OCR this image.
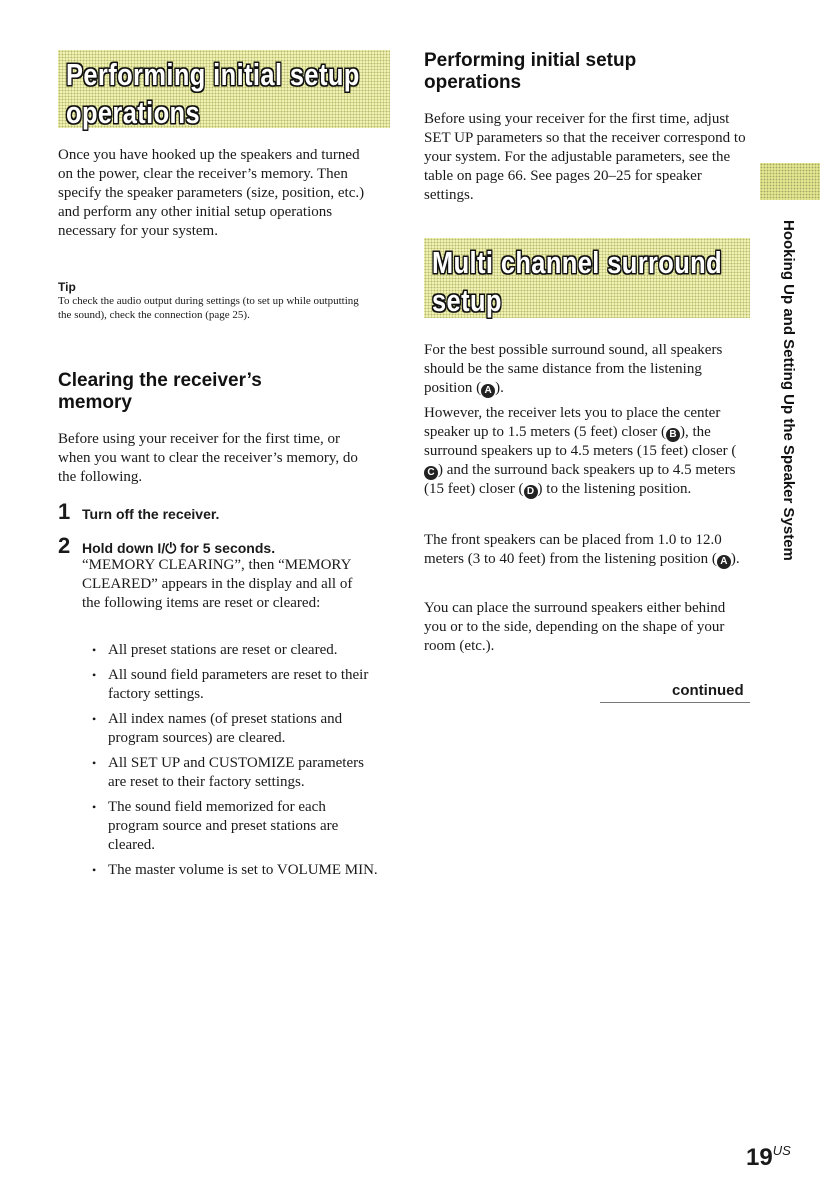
Performing initial setup
operations

Once you have hooked up the speakers and turned on the power, clear the receiver’s memory. Then specify the speaker parameters (size, position, etc.) and perform any other initial setup operations necessary for your system.

Tip

To check the audio output during settings (to set up while outputting the sound), check the connection (page 25).

Clearing the receiver’s
memory

Before using your receiver for the first time, or when you want to clear the receiver’s memory, do the following.

1 Turn off the receiver.
2 Hold down I/⏻ for 5 seconds.

“MEMORY CLEARING”, then “MEMORY CLEARED” appears in the display and all of the following items are reset or cleared:

• All preset stations are reset or cleared.
• All sound field parameters are reset to their factory settings.
• All index names (of preset stations and program sources) are cleared.
• All SET UP and CUSTOMIZE parameters are reset to their factory settings.
• The sound field memorized for each program source and preset stations are cleared.
• The master volume is set to VOLUME MIN.
Performing initial setup
operations

Before using your receiver for the first time, adjust SET UP parameters so that the receiver correspond to your system. For the adjustable parameters, see the table on page 66. See pages 20–25 for speaker settings.

Multi channel surround
setup

For the best possible surround sound, all speakers should be the same distance from the listening position ( A ).

However, the receiver lets you to place the center speaker up to 1.5 meters (5 feet) closer ( B ), the surround speakers up to 4.5 meters (15 feet) closer (C ) and the surround back speakers up to 4.5 meters (15 feet) closer ( D ) to the listening position.

The front speakers can be placed from 1.0 to 12.0 meters (3 to 40 feet) from the listening position ( A ).

You can place the surround speakers either behind you or to the side, depending on the shape of your room (etc.).

continued
Hooking Up and Setting Up the Speaker System
$19^{US}$
